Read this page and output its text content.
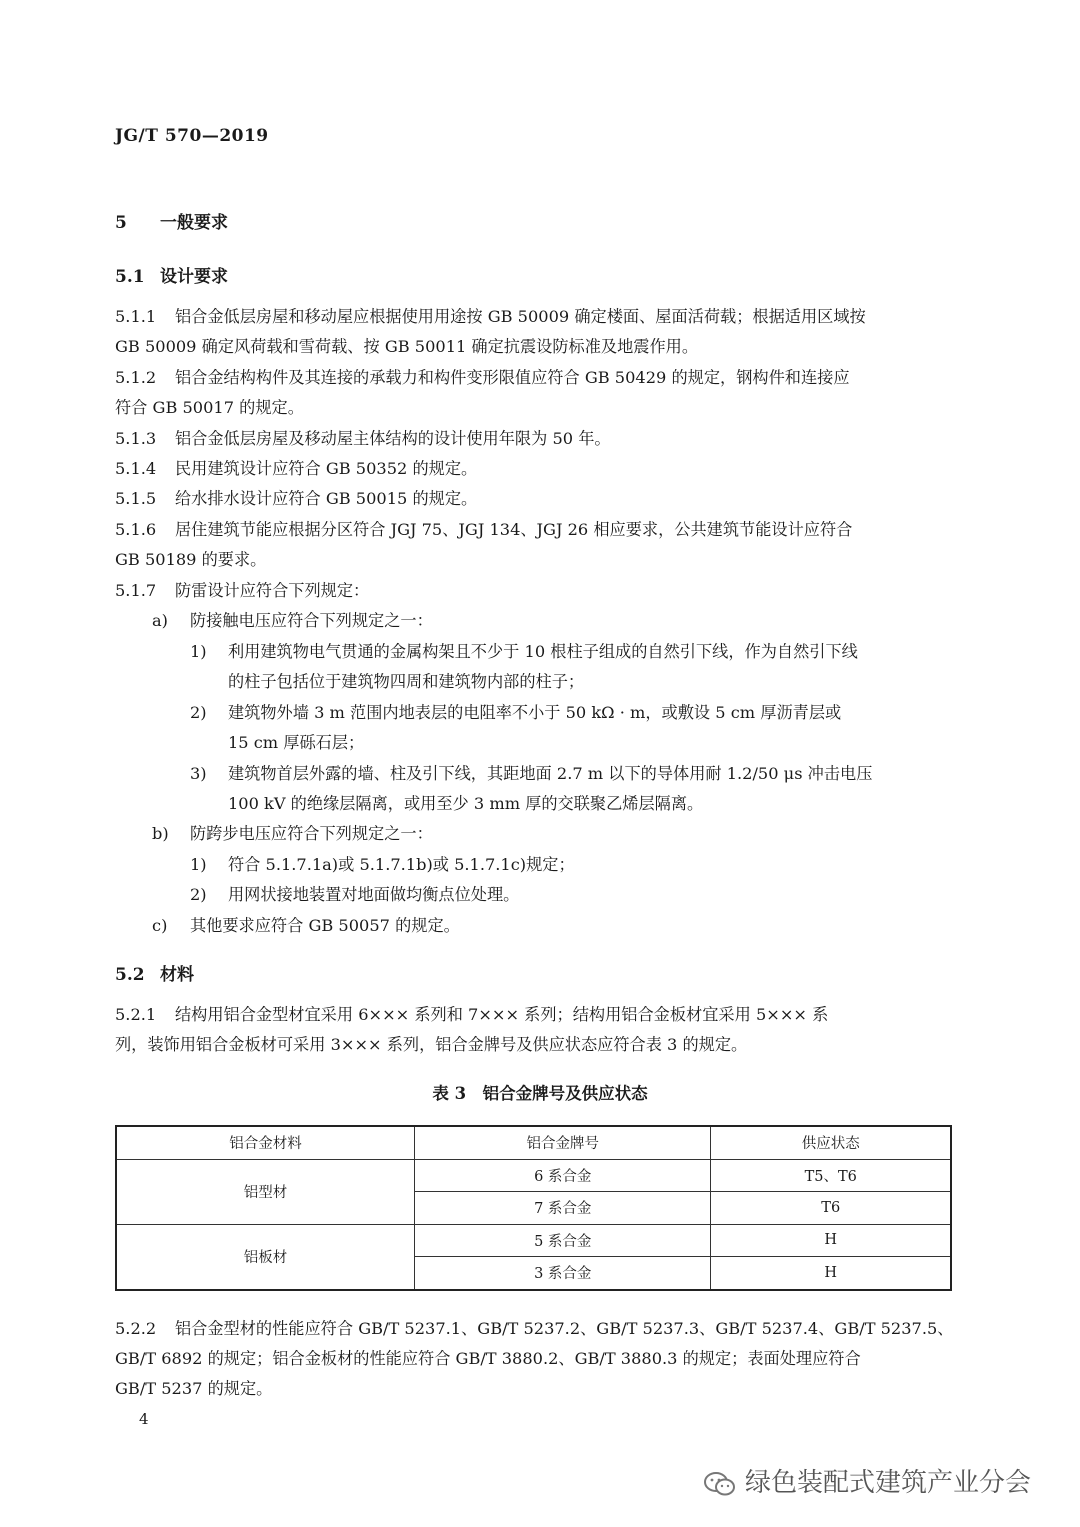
JG/T 570—2019
5 一般要求
5.1 设计要求
5.1.1 铝合金低层房屋和移动屋应根据使用用途按 GB 50009 确定楼面、屋面活荷载；根据适用区域按
GB 50009 确定风荷载和雪荷载、按 GB 50011 确定抗震设防标准及地震作用。
5.1.2 铝合金结构构件及其连接的承载力和构件变形限值应符合 GB 50429 的规定，钢构件和连接应
符合 GB 50017 的规定。
5.1.3 铝合金低层房屋及移动屋主体结构的设计使用年限为 50 年。
5.1.4 民用建筑设计应符合 GB 50352 的规定。
5.1.5 给水排水设计应符合 GB 50015 的规定。
5.1.6 居住建筑节能应根据分区符合 JGJ 75、JGJ 134、JGJ 26 相应要求，公共建筑节能设计应符合
GB 50189 的要求。
5.1.7 防雷设计应符合下列规定：
a) 防接触电压应符合下列规定之一：
1) 利用建筑物电气贯通的金属构架且不少于 10 根柱子组成的自然引下线，作为自然引下线
的柱子包括位于建筑物四周和建筑物内部的柱子；
2) 建筑物外墙 3 m 范围内地表层的电阻率不小于 50 kΩ · m，或敷设 5 cm 厚沥青层或
15 cm 厚砾石层；
3) 建筑物首层外露的墙、柱及引下线，其距地面 2.7 m 以下的导体用耐 1.2/50 μs 冲击电压
100 kV 的绝缘层隔离，或用至少 3 mm 厚的交联聚乙烯层隔离。
b) 防跨步电压应符合下列规定之一：
1) 符合 5.1.7.1a)或 5.1.7.1b)或 5.1.7.1c)规定；
2) 用网状接地装置对地面做均衡点位处理。
c) 其他要求应符合 GB 50057 的规定。
5.2 材料
5.2.1 结构用铝合金型材宜采用 6××× 系列和 7××× 系列；结构用铝合金板材宜采用 5××× 系
列，装饰用铝合金板材可采用 3××× 系列，铝合金牌号及供应状态应符合表 3 的规定。
表 3　铝合金牌号及供应状态
铝合金材料	铝合金牌号	供应状态
铝型材	6 系合金	T5、T6
	7 系合金	T6
铝板材	5 系合金	H
	3 系合金	H
5.2.2 铝合金型材的性能应符合 GB/T 5237.1、GB/T 5237.2、GB/T 5237.3、GB/T 5237.4、GB/T 5237.5、
GB/T 6892 的规定；铝合金板材的性能应符合 GB/T 3880.2、GB/T 3880.3 的规定；表面处理应符合
GB/T 5237 的规定。
4
绿色装配式建筑产业分会
